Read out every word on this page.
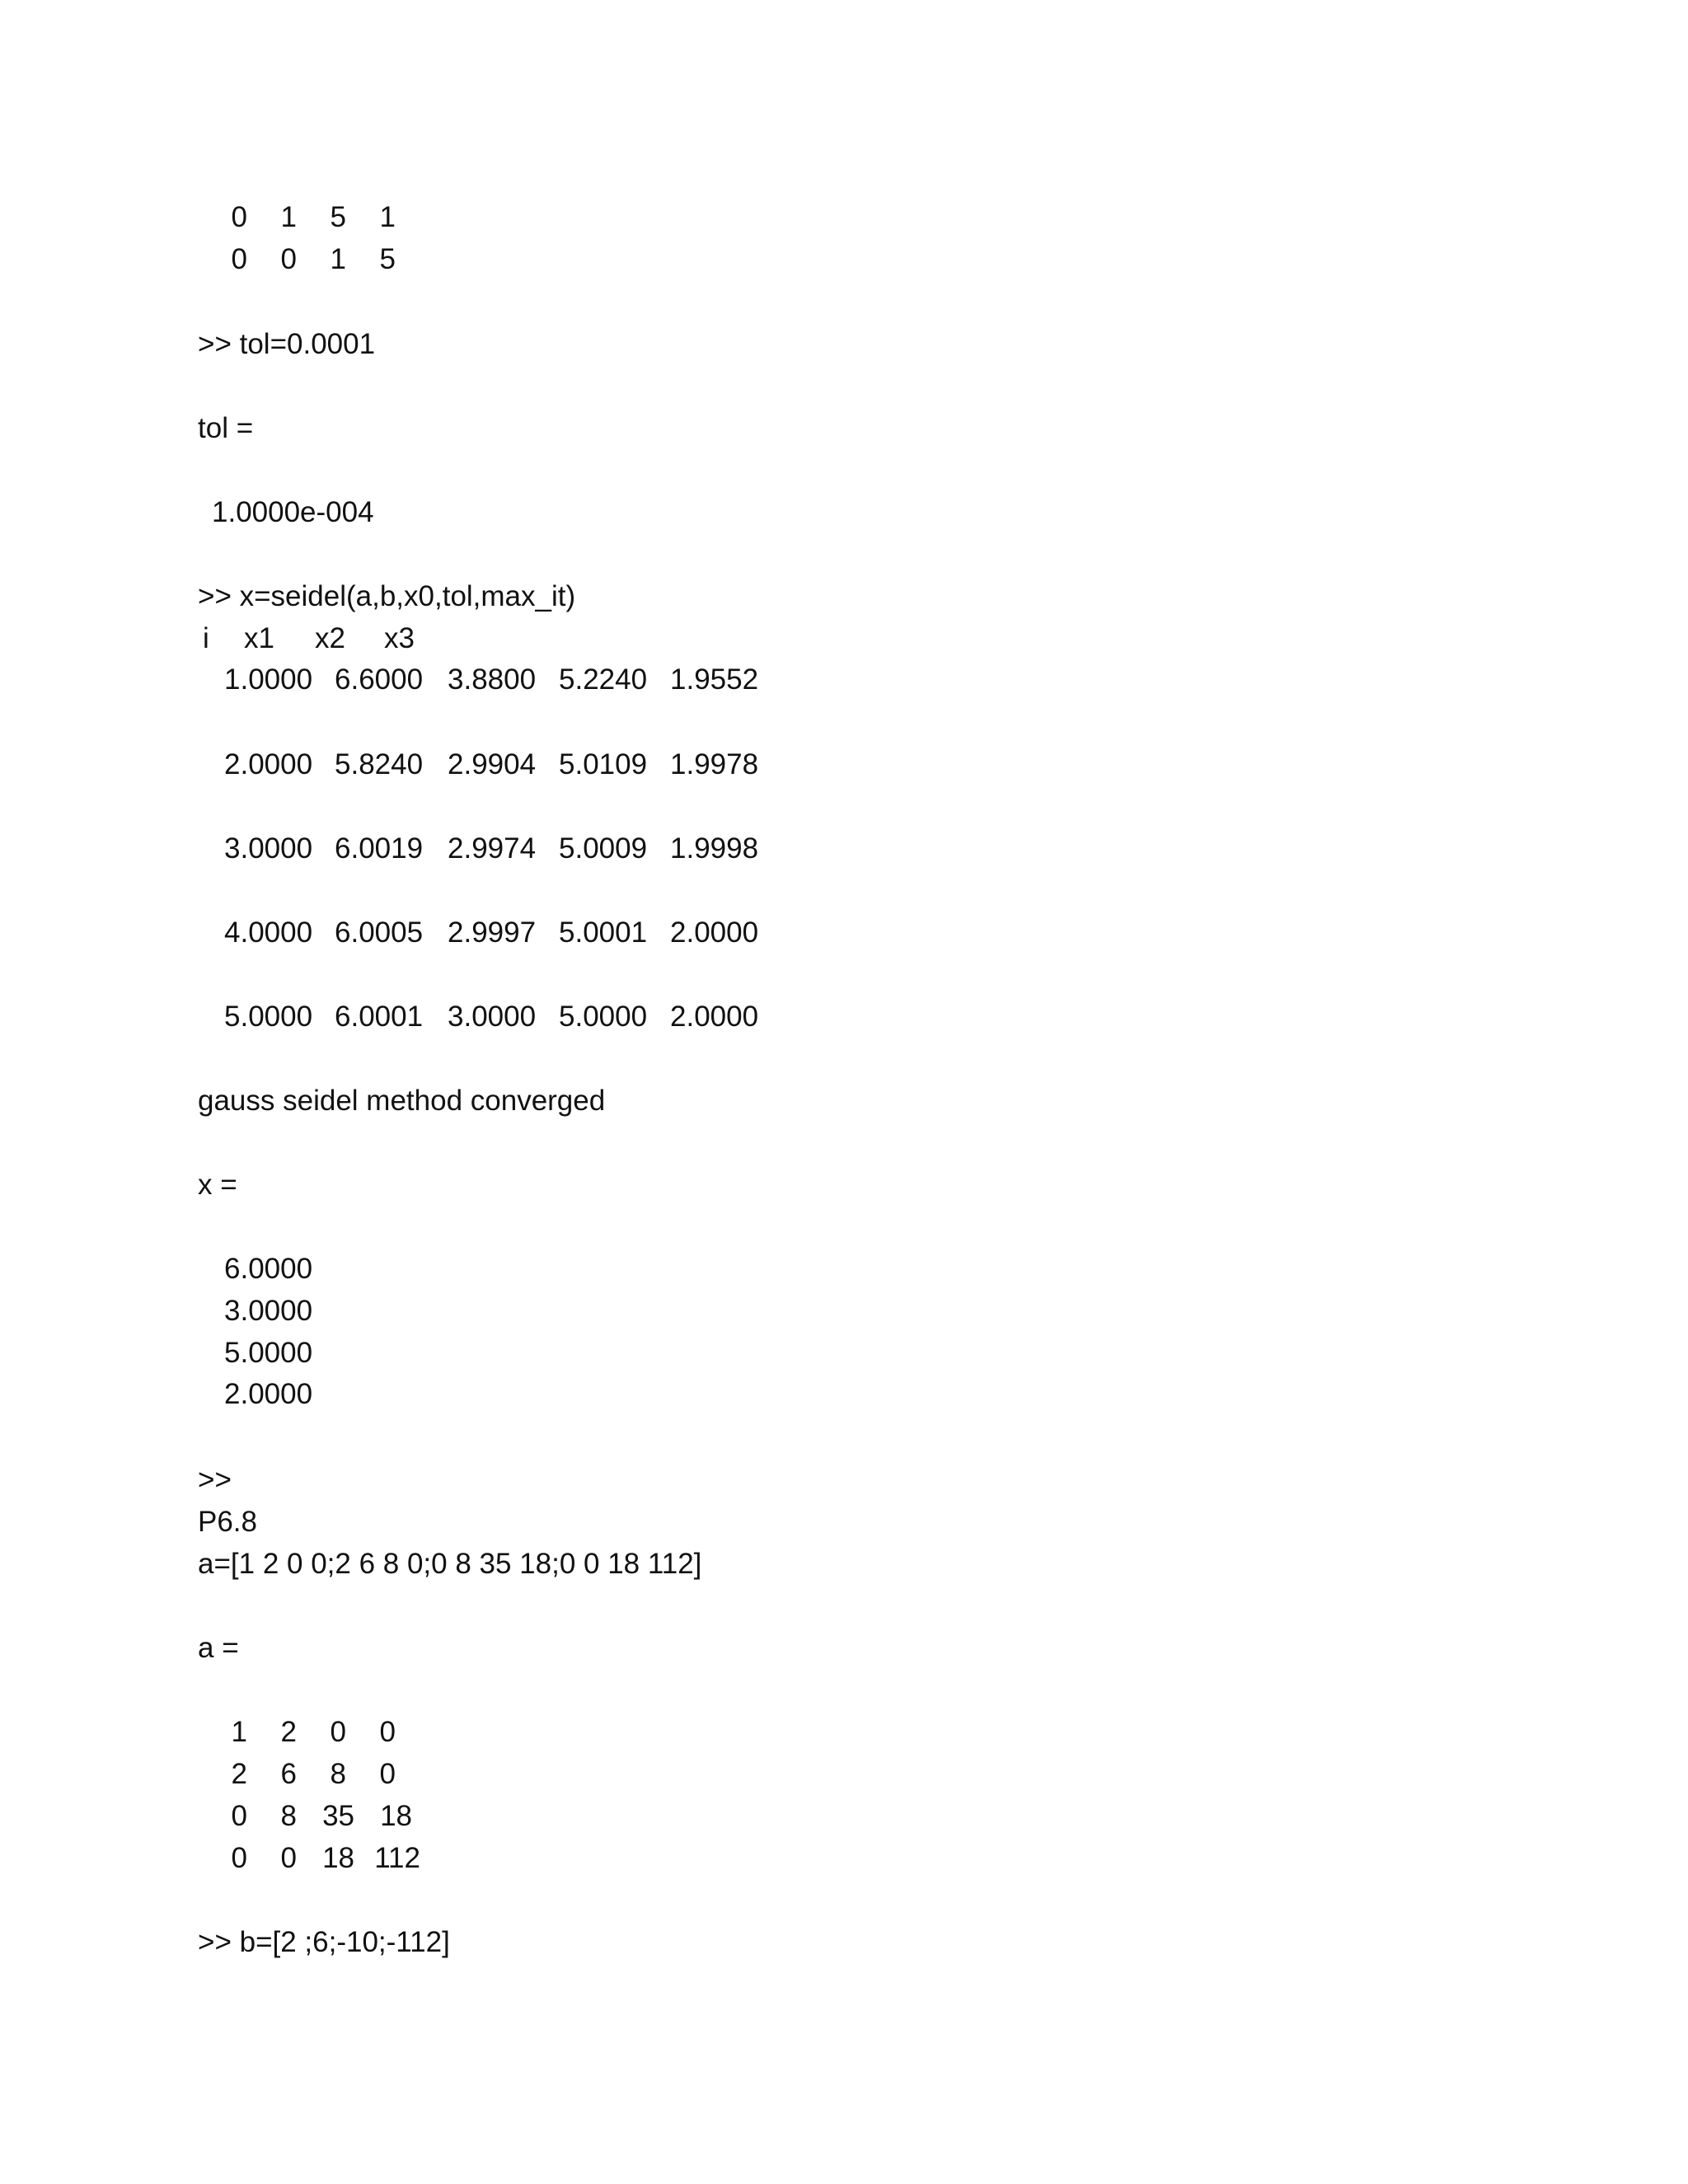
0	1	5	1
0	0	1	5
>> tol=0.0001
tol =
1.0000e-004
>> x=seidel(a,b,x0,tol,max_it)
i x1 x2 x3
1.0000 6.6000 3.8800 5.2240 1.9552
2.0000 5.8240 2.9904 5.0109 1.9978
3.0000 6.0019 2.9974 5.0009 1.9998
4.0000 6.0005 2.9997 5.0001 2.0000
5.0000 6.0001 3.0000 5.0000 2.0000
gauss seidel method converged
x =
6.0000
3.0000
5.0000
2.0000
>>
P6.8
a=[1 2 0 0;2 6 8 0;0 8 35 18;0 0 18 112]
a =
1	2	0	0
2	6	8	0
0	8 35 18
0	0 18 112
>> b=[2 ;6;-10;-112]
